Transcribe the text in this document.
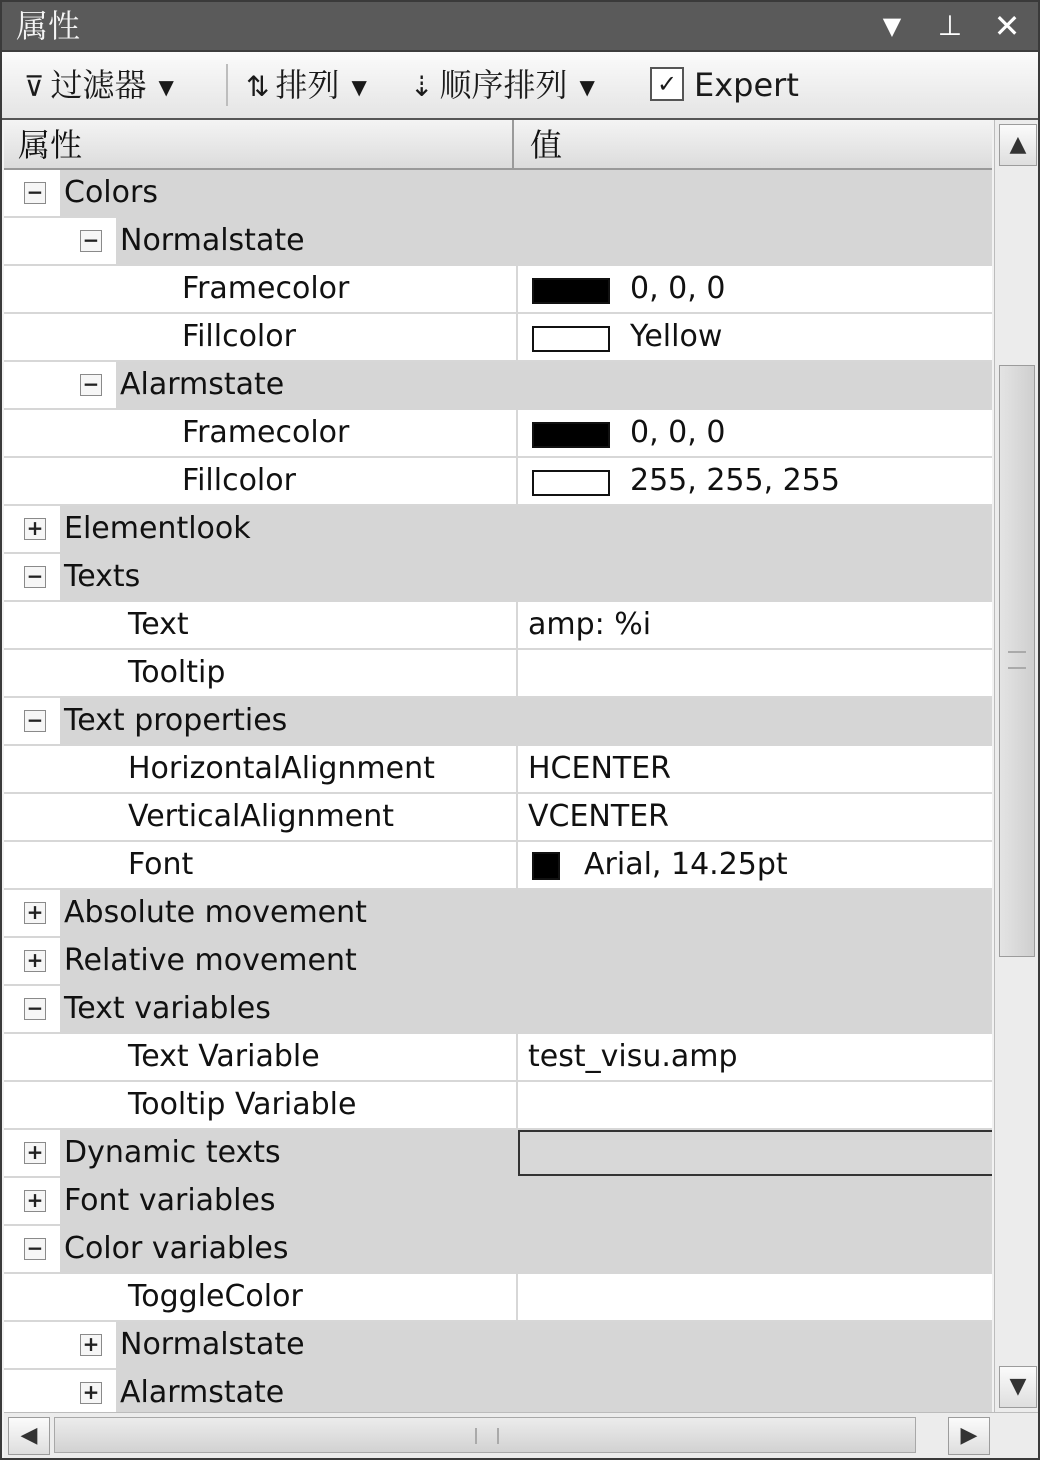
属性	▼	⊥ ✕
⊽ 过滤器 ▼	⇅ 排列 ▼ ⇣ 顺序排列 ▼	✓ Expert
属性	值
− Colors
− Normalstate
Framecolor	0, 0, 0
Fillcolor	Yellow
− Alarmstate
Framecolor	0, 0, 0
Fillcolor	255, 255, 255
+ Elementlook
− Texts
Text	amp: %i
Tooltip
− Text properties
HorizontalAlignment	HCENTER
VerticalAlignment	VCENTER
Font	Arial, 14.25pt
+ Absolute movement
+ Relative movement
− Text variables
Text Variable	test_visu.amp
Tooltip Variable
+ Dynamic texts
+ Font variables
− Color variables
ToggleColor
+ Normalstate
+ Alarmstate
▲
▼
◀	▶
